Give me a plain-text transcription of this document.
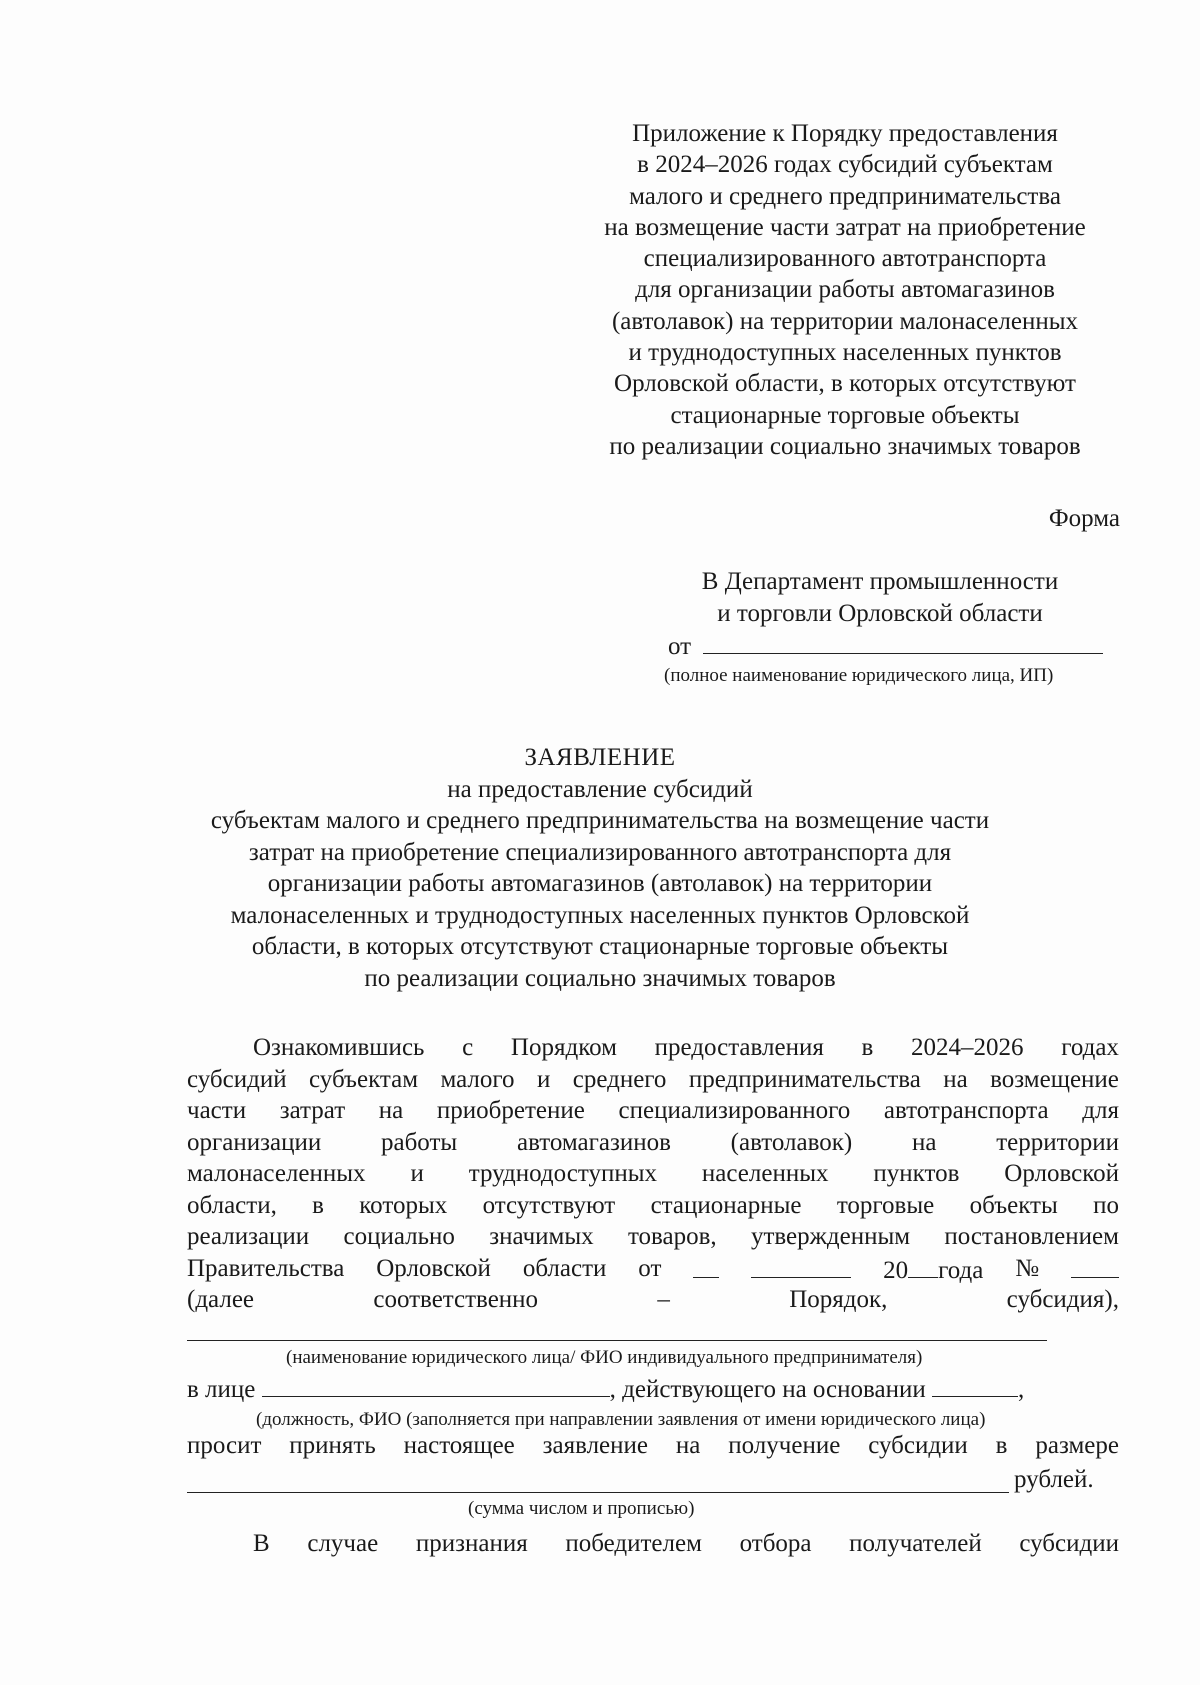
Приложение к Порядку предоставления
в 2024–2026 годах субсидий субъектам
малого и среднего предпринимательства
на возмещение части затрат на приобретение
специализированного автотранспорта
для организации работы автомагазинов
(автолавок) на территории малонаселенных
и труднодоступных населенных пунктов
Орловской области, в которых отсутствуют
стационарные торговые объекты
по реализации социально значимых товаров
Форма
В Департамент промышленности
и торговли Орловской области
от
(полное наименование юридического лица, ИП)
ЗАЯВЛЕНИЕ
на предоставление субсидий
субъектам малого и среднего предпринимательства на возмещение части
затрат на приобретение специализированного автотранспорта для
организации работы автомагазинов (автолавок) на территории
малонаселенных и труднодоступных населенных пунктов Орловской
области, в которых отсутствуют стационарные торговые объекты
по реализации социально значимых товаров
Ознакомившись с Порядком предоставления в 2024–2026 годах
субсидий субъектам малого и среднего предпринимательства на возмещение
части затрат на приобретение специализированного автотранспорта для
организации работы автомагазинов (автолавок) на территории
малонаселенных и труднодоступных населенных пунктов Орловской
области, в которых отсутствуют стационарные торговые объекты по
реализации социально значимых товаров, утвержденным постановлением
Правительства Орловской области от	20 года №
(далее	соответственно	–	Порядок,	субсидия),
(наименование юридического лица/ ФИО индивидуального предпринимателя)
в лице	, действующего на основании	,
(должность, ФИО (заполняется при направлении заявления от имени юридического лица)
просит принять настоящее заявление на получение субсидии в размере
рублей.
(сумма числом и прописью)
В случае признания победителем отбора получателей субсидии
